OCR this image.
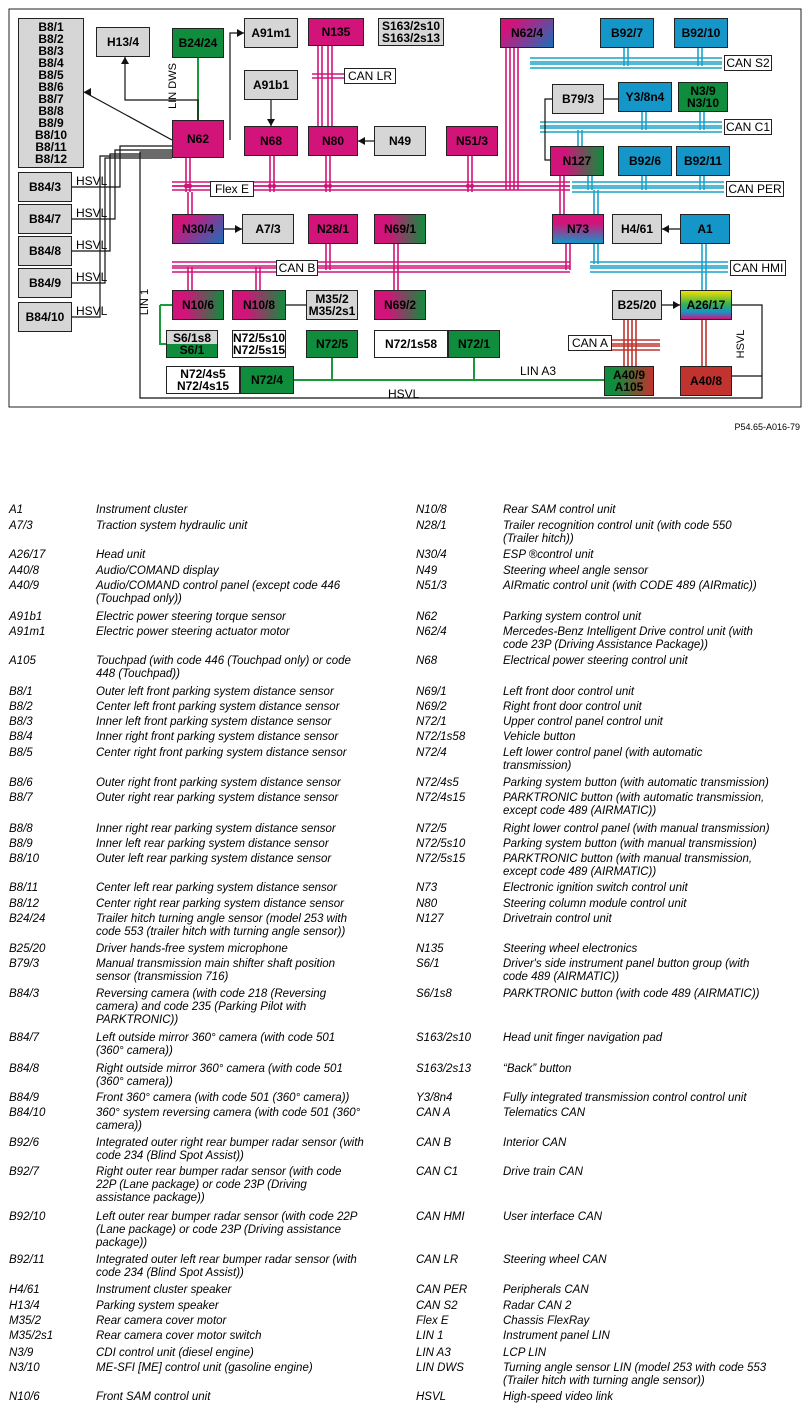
B8/1
B8/2
B8/3
B8/4
B8/5
B8/6
B8/7
B8/8
B8/9
B8/10
B8/11
B8/12
H13/4	B24/24
A91m1	N135	S163/2s10
S163/2s13	N62/4	B92/7	B92/10
A91b1
B79/3	Y3/8n4	N3/9
N3/10
N62	N68	N80	N49	N51/3
N127	B92/6	B92/11
B84/3
B84/7
N30/4	A7/3	N28/1	N69/1	N73	H4/61	A1
B84/8
B84/9
N10/6	N10/8	M35/2
M35/2s1	N69/2	B25/20	A26/17
B84/10
S6/1s8
S6/1
N72/5s10
N72/5s15	N72/5	N72/1s58	N72/1
N72/4s5
N72/4s15	N72/4	A40/9
A105	A40/8
CAN LR
CAN S2
CAN C1
Flex E	CAN PER
CAN B	CAN HMI
CAN A
HSVL
HSVL
HSVL
HSVL
HSVL
LIN A3
HSVL
LIN DWS
LIN 1
HSVL
P54.65-A016-79
A1	Instrument cluster
A7/3	Traction system hydraulic unit
A26/17	Head unit
A40/8	Audio/COMAND display
A40/9	Audio/COMAND control panel (except code 446
(Touchpad only))
A91b1	Electric power steering torque sensor
A91m1	Electric power steering actuator motor
A105	Touchpad (with code 446 (Touchpad only) or code
448 (Touchpad))
B8/1	Outer left front parking system distance sensor
B8/2	Center left front parking system distance sensor
B8/3	Inner left front parking system distance sensor
B8/4	Inner right front parking system distance sensor
B8/5	Center right front parking system distance sensor
B8/6	Outer right front parking system distance sensor
B8/7	Outer right rear parking system distance sensor
B8/8	Inner right rear parking system distance sensor
B8/9	Inner left rear parking system distance sensor
B8/10	Outer left rear parking system distance sensor
B8/11	Center left rear parking system distance sensor
B8/12	Center right rear parking system distance sensor
B24/24	Trailer hitch turning angle sensor (model 253 with
code 553 (trailer hitch with turning angle sensor))
B25/20	Driver hands-free system microphone
B79/3	Manual transmission main shifter shaft position
sensor (transmission 716)
B84/3	Reversing camera (with code 218 (Reversing
camera) and code 235 (Parking Pilot with
PARKTRONIC))
B84/7	Left outside mirror 360° camera (with code 501
(360° camera))
B84/8	Right outside mirror 360° camera (with code 501
(360° camera))
B84/9	Front 360° camera (with code 501 (360° camera))
B84/10	360° system reversing camera (with code 501 (360°
camera))
B92/6	Integrated outer right rear bumper radar sensor (with
code 234 (Blind Spot Assist))
B92/7	Right outer rear bumper radar sensor (with code
22P (Lane package) or code 23P (Driving
assistance package))
B92/10	Left outer rear bumper radar sensor (with code 22P
(Lane package) or code 23P (Driving assistance
package))
B92/11	Integrated outer left rear bumper radar sensor (with
code 234 (Blind Spot Assist))
H4/61	Instrument cluster speaker
H13/4	Parking system speaker
M35/2	Rear camera cover motor
M35/2s1	Rear camera cover motor switch
N3/9	CDI control unit (diesel engine)
N3/10	ME-SFI [ME] control unit (gasoline engine)
N10/6	Front SAM control unit
N10/8	Rear SAM control unit
N28/1	Trailer recognition control unit (with code 550
(Trailer hitch))
N30/4	ESP ®control unit
N49	Steering wheel angle sensor
N51/3	AIRmatic control unit (with CODE 489 (AIRmatic))
N62	Parking system control unit
N62/4	Mercedes-Benz Intelligent Drive control unit (with
code 23P (Driving Assistance Package))
N68	Electrical power steering control unit
N69/1	Left front door control unit
N69/2	Right front door control unit
N72/1	Upper control panel control unit
N72/1s58	Vehicle button
N72/4	Left lower control panel (with automatic
transmission)
N72/4s5	Parking system button (with automatic transmission)
N72/4s15	PARKTRONIC button (with automatic transmission,
except code 489 (AIRMATIC))
N72/5	Right lower control panel (with manual transmission)
N72/5s10	Parking system button (with manual transmission)
N72/5s15	PARKTRONIC button (with manual transmission,
except code 489 (AIRMATIC))
N73	Electronic ignition switch control unit
N80	Steering column module control unit
N127	Drivetrain control unit
N135	Steering wheel electronics
S6/1	Driver's side instrument panel button group (with
code 489 (AIRMATIC))
S6/1s8	PARKTRONIC button (with code 489 (AIRMATIC))
S163/2s10	Head unit finger navigation pad
S163/2s13	“Back” button
Y3/8n4	Fully integrated transmission control control unit
CAN A	Telematics CAN
CAN B	Interior CAN
CAN C1	Drive train CAN
CAN HMI	User interface CAN
CAN LR	Steering wheel CAN
CAN PER	Peripherals CAN
CAN S2	Radar CAN 2
Flex E	Chassis FlexRay
LIN 1	Instrument panel LIN
LIN A3	LCP LIN
LIN DWS	Turning angle sensor LIN (model 253 with code 553
(Trailer hitch with turning angle sensor))
HSVL	High-speed video link
